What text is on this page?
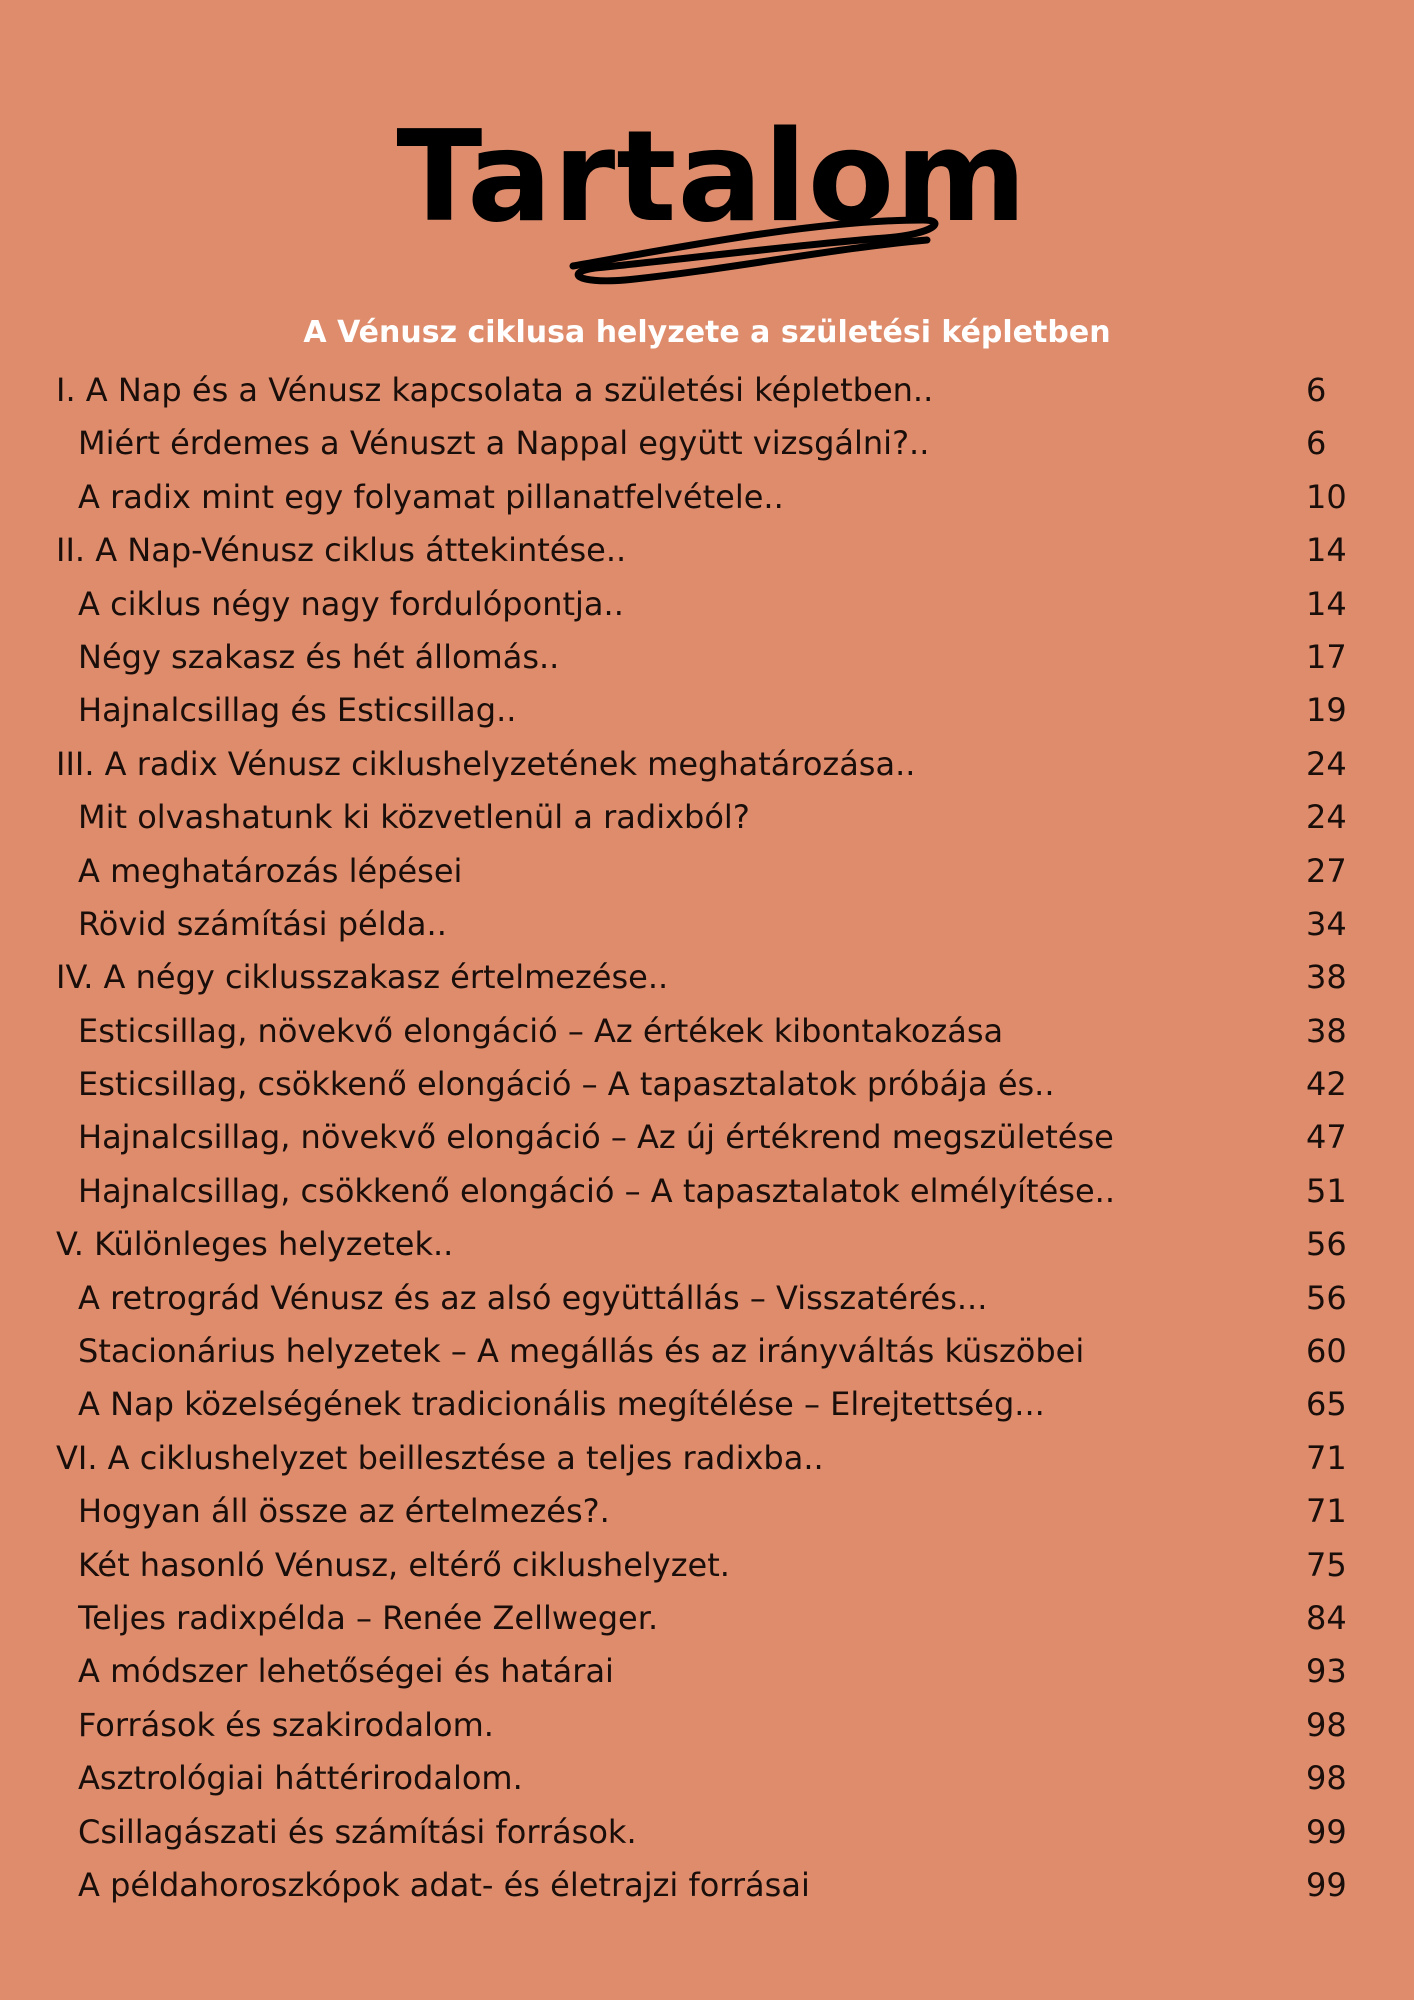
Tartalom
A Vénusz ciklusa helyzete a születési képletben
I. A Nap és a Vénusz kapcsolata a születési képletben..	6
Miért érdemes a Vénuszt a Nappal együtt vizsgálni?..	6
A radix mint egy folyamat pillanatfelvétele..	10
II. A Nap-Vénusz ciklus áttekintése..	14
A ciklus négy nagy fordulópontja..	14
Négy szakasz és hét állomás..	17
Hajnalcsillag és Esticsillag..	19
III. A radix Vénusz ciklushelyzetének meghatározása..	24
Mit olvashatunk ki közvetlenül a radixból?	24
A meghatározás lépései	27
Rövid számítási példa..	34
IV. A négy ciklusszakasz értelmezése..	38
Esticsillag, növekvő elongáció – Az értékek kibontakozása	38
Esticsillag, csökkenő elongáció – A tapasztalatok próbája és..	42
Hajnalcsillag, növekvő elongáció – Az új értékrend megszületése	47
Hajnalcsillag, csökkenő elongáció – A tapasztalatok elmélyítése..	51
V. Különleges helyzetek..	56
A retrográd Vénusz és az alsó együttállás – Visszatérés...	56
Stacionárius helyzetek – A megállás és az irányváltás küszöbei	60
A Nap közelségének tradicionális megítélése – Elrejtettség...	65
VI. A ciklushelyzet beillesztése a teljes radixba..	71
Hogyan áll össze az értelmezés?.	71
Két hasonló Vénusz, eltérő ciklushelyzet.	75
Teljes radixpélda – Renée Zellweger.	84
A módszer lehetőségei és határai	93
Források és szakirodalom.	98
Asztrológiai háttérirodalom.	98
Csillagászati és számítási források.	99
A példahoroszkópok adat- és életrajzi forrásai	99
